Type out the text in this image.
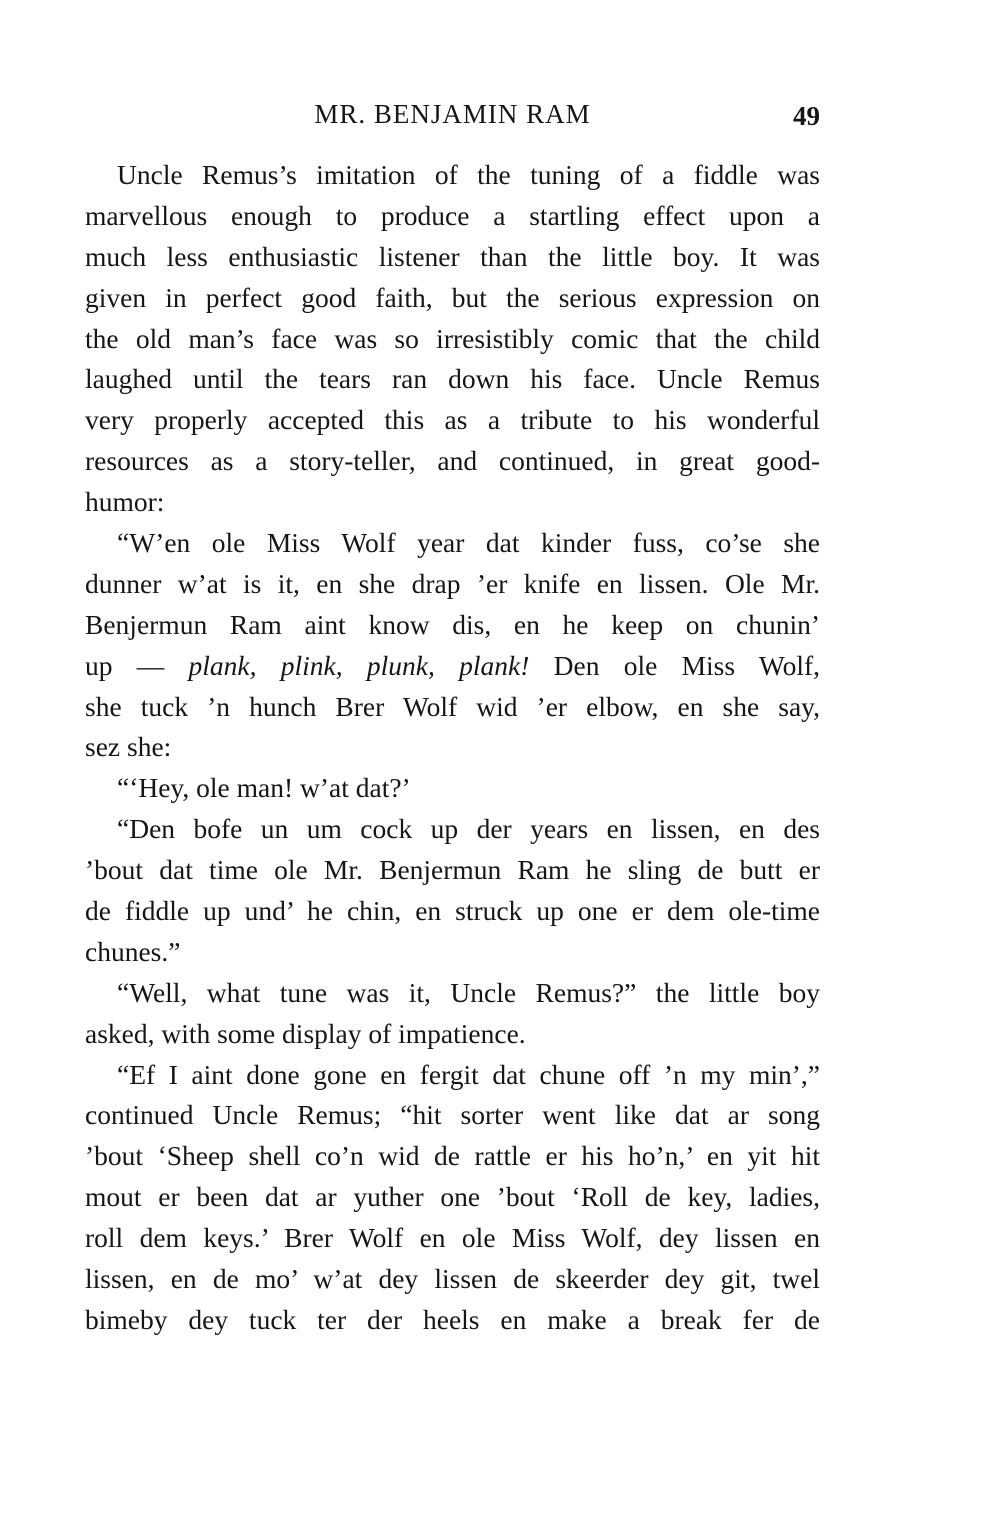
MR. BENJAMIN RAM	49
Uncle Remus’s imitation of the tuning of a fiddle was
marvellous enough to produce a startling effect upon a
much less enthusiastic listener than the little boy. It was
given in perfect good faith, but the serious expression on
the old man’s face was so irresistibly comic that the child
laughed until the tears ran down his face. Uncle Remus
very properly accepted this as a tribute to his wonderful
resources as a story-teller, and continued, in great good-
humor:
“W’en ole Miss Wolf year dat kinder fuss, co’se she
dunner w’at is it, en she drap ’er knife en lissen. Ole Mr.
Benjermun Ram aint know dis, en he keep on chunin’
up — plank, plink, plunk, plank! Den ole Miss Wolf,
she tuck ’n hunch Brer Wolf wid ’er elbow, en she say,
sez she:
“‘Hey, ole man! w’at dat?’
“Den bofe un um cock up der years en lissen, en des
’bout dat time ole Mr. Benjermun Ram he sling de butt er
de fiddle up und’ he chin, en struck up one er dem ole-time
chunes.”
“Well, what tune was it, Uncle Remus?” the little boy
asked, with some display of impatience.
“Ef I aint done gone en fergit dat chune off ’n my min’,”
continued Uncle Remus; “hit sorter went like dat ar song
’bout ‘Sheep shell co’n wid de rattle er his ho’n,’ en yit hit
mout er been dat ar yuther one ’bout ‘Roll de key, ladies,
roll dem keys.’ Brer Wolf en ole Miss Wolf, dey lissen en
lissen, en de mo’ w’at dey lissen de skeerder dey git, twel
bimeby dey tuck ter der heels en make a break fer de
